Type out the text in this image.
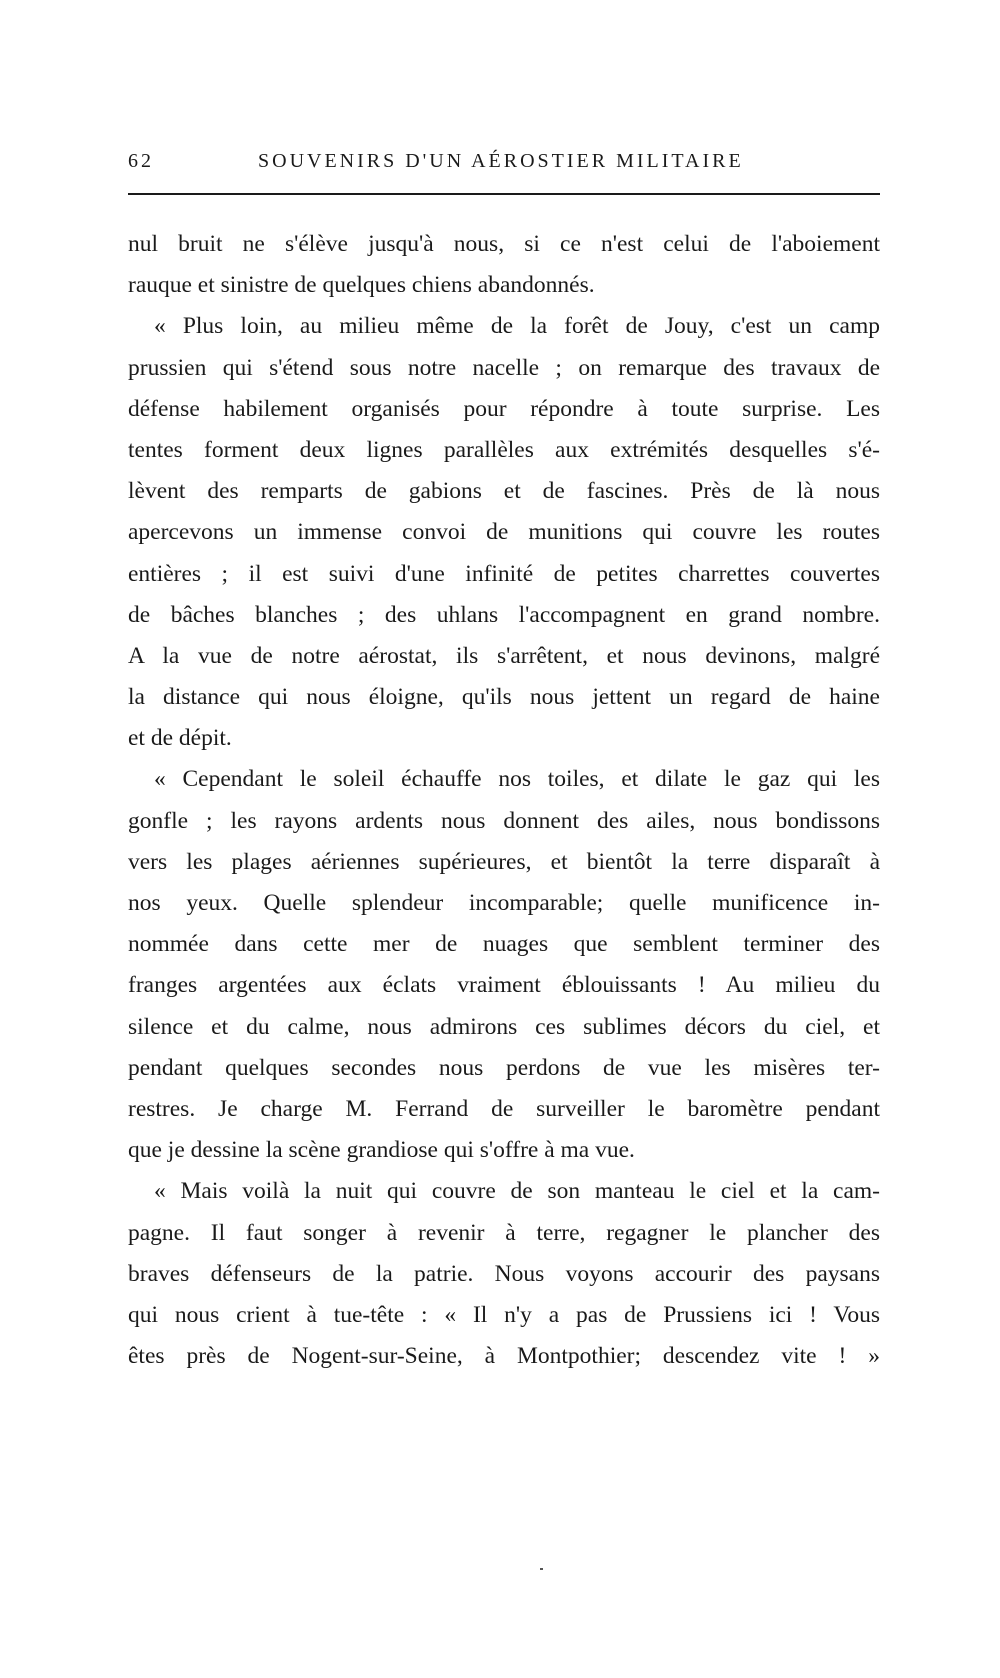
62	SOUVENIRS D'UN AÉROSTIER MILITAIRE
nul bruit ne s'élève jusqu'à nous, si ce n'est celui de l'aboiement
rauque et sinistre de quelques chiens abandonnés.
« Plus loin, au milieu même de la forêt de Jouy, c'est un camp
prussien qui s'étend sous notre nacelle ; on remarque des travaux de
défense habilement organisés pour répondre à toute surprise. Les
tentes forment deux lignes parallèles aux extrémités desquelles s'é-
lèvent des remparts de gabions et de fascines. Près de là nous
apercevons un immense convoi de munitions qui couvre les routes
entières ; il est suivi d'une infinité de petites charrettes couvertes
de bâches blanches ; des uhlans l'accompagnent en grand nombre.
A la vue de notre aérostat, ils s'arrêtent, et nous devinons, malgré
la distance qui nous éloigne, qu'ils nous jettent un regard de haine
et de dépit.
« Cependant le soleil échauffe nos toiles, et dilate le gaz qui les
gonfle ; les rayons ardents nous donnent des ailes, nous bondissons
vers les plages aériennes supérieures, et bientôt la terre disparaît à
nos yeux. Quelle splendeur incomparable; quelle munificence in-
nommée dans cette mer de nuages que semblent terminer des
franges argentées aux éclats vraiment éblouissants ! Au milieu du
silence et du calme, nous admirons ces sublimes décors du ciel, et
pendant quelques secondes nous perdons de vue les misères ter-
restres. Je charge M. Ferrand de surveiller le baromètre pendant
que je dessine la scène grandiose qui s'offre à ma vue.
« Mais voilà la nuit qui couvre de son manteau le ciel et la cam-
pagne. Il faut songer à revenir à terre, regagner le plancher des
braves défenseurs de la patrie. Nous voyons accourir des paysans
qui nous crient à tue-tête : « Il n'y a pas de Prussiens ici ! Vous
êtes près de Nogent-sur-Seine, à Montpothier; descendez vite ! »
